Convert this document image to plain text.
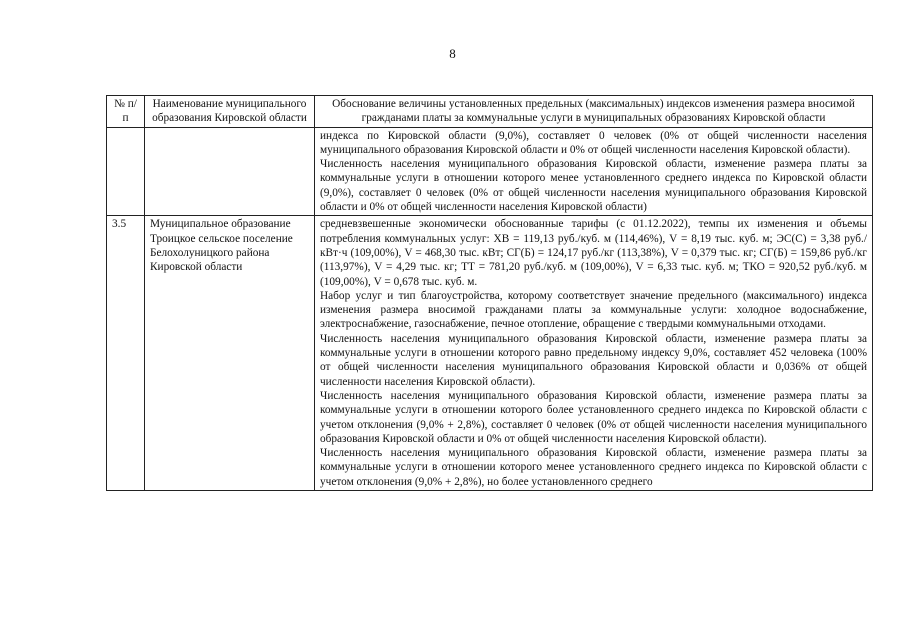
8
№ п/п	Наименование муниципального образования Кировской области	Обоснование величины установленных предельных (максимальных) индексов изменения размера вносимой гражданами платы за коммунальные услуги в муниципальных образованиях Кировской области

		индекса по Кировской области (9,0%), составляет 0 человек (0% от общей численности населения муниципального образования Кировской области и 0% от общей численности населения Кировской области).

Численность населения муниципального образования Кировской области, изменение размера платы за коммунальные услуги в отношении которого менее установленного среднего индекса по Кировской области (9,0%), составляет 0 человек (0% от общей численности населения муниципального образования Кировской области и 0% от общей численности населения Кировской области)

3.5	Муниципальное образование Троицкое сельское поселение Белохолуницкого района Кировской области	средневзвешенные экономически обоснованные тарифы (с 01.12.2022), темпы их изменения и объемы потребления коммунальных услуг: ХВ = 119,13 руб./куб. м (114,46%), V = 8,19 тыс. куб. м; ЭС(С) = 3,38 руб./кВт·ч (109,00%), V = 468,30 тыс. кВт; СГ(Б) = 124,17 руб./кг (113,38%), V = 0,379 тыс. кг; СГ(Б) = 159,86 руб./кг (113,97%), V = 4,29 тыс. кг; ТТ = 781,20 руб./куб. м (109,00%), V = 6,33 тыс. куб. м; ТКО = 920,52 руб./куб. м (109,00%), V = 0,678 тыс. куб. м.

Набор услуг и тип благоустройства, которому соответствует значение предельного (максимального) индекса изменения размера вносимой гражданами платы за коммунальные услуги: холодное водоснабжение, электроснабжение, газоснабжение, печное отопление, обращение с твердыми коммунальными отходами.

Численность населения муниципального образования Кировской области, изменение размера платы за коммунальные услуги в отношении которого равно предельному индексу 9,0%, составляет 452 человека (100% от общей численности населения муниципального образования Кировской области и 0,036% от общей численности населения Кировской области).

Численность населения муниципального образования Кировской области, изменение размера платы за коммунальные услуги в отношении которого более установленного среднего индекса по Кировской области с учетом отклонения (9,0% + 2,8%), составляет 0 человек (0% от общей численности населения муниципального образования Кировской области и 0% от общей численности населения Кировской области).

Численность населения муниципального образования Кировской области, изменение размера платы за коммунальные услуги в отношении которого менее установленного среднего индекса по Кировской области с учетом отклонения (9,0% + 2,8%), но более установленного среднего
